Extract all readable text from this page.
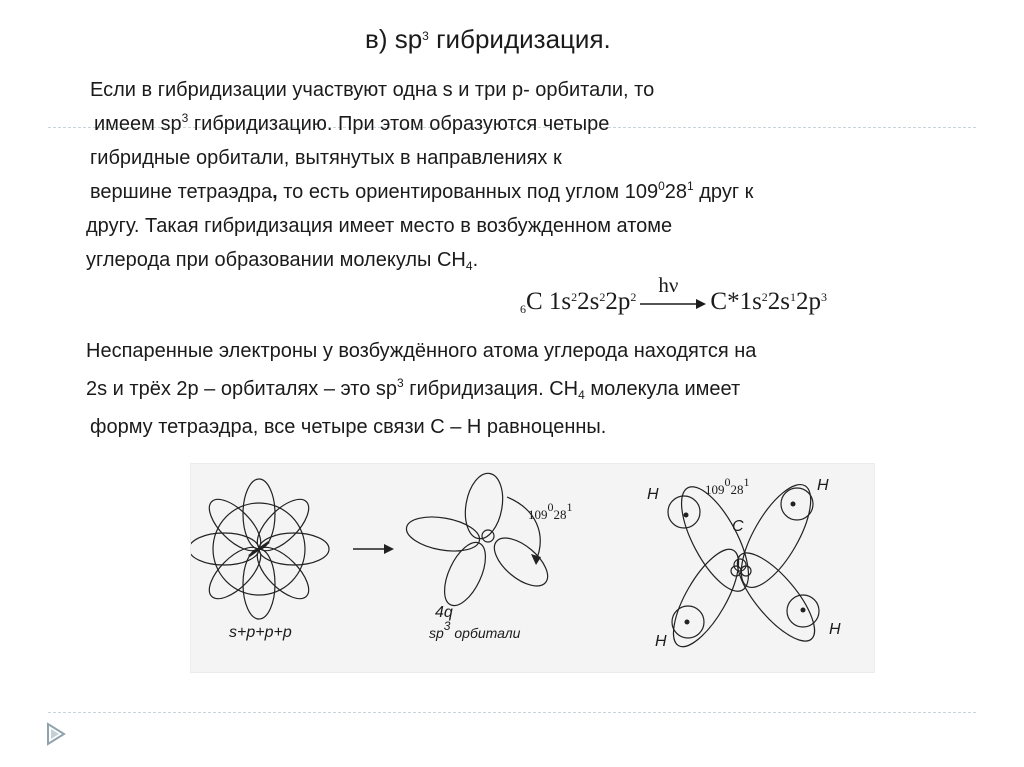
в) $sp^3$ гибридизация.
Если в гибридизации участвуют одна s и три р- орбитали, то
имеем $sp^3$ гибридизацию. При этом образуются четыре
гибридные орбитали, вытянутых в направлениях к
вершине тетраэдра, то есть ориентированных под углом $109^028^1$ друг к
другу. Такая гибридизация имеет место в возбужденном атоме
углерода при образовании молекулы $CH_4$.
$_6$C $1s^22s^22p^2$ hν
$C*1s^22s^12p^3$
Неспаренные электроны у возбуждённого атома углерода находятся на
2s и трёх 2р – орбиталях – это $sp^3$ гибридизация. $CH_4$ молекула имеет
форму тетраэдра, все четыре связи С – Н равноценны.
s+p+p+p
4q
$sp^3$ орбитали
$109^028^1$
$109^028^1$
C
H
H
H
H
